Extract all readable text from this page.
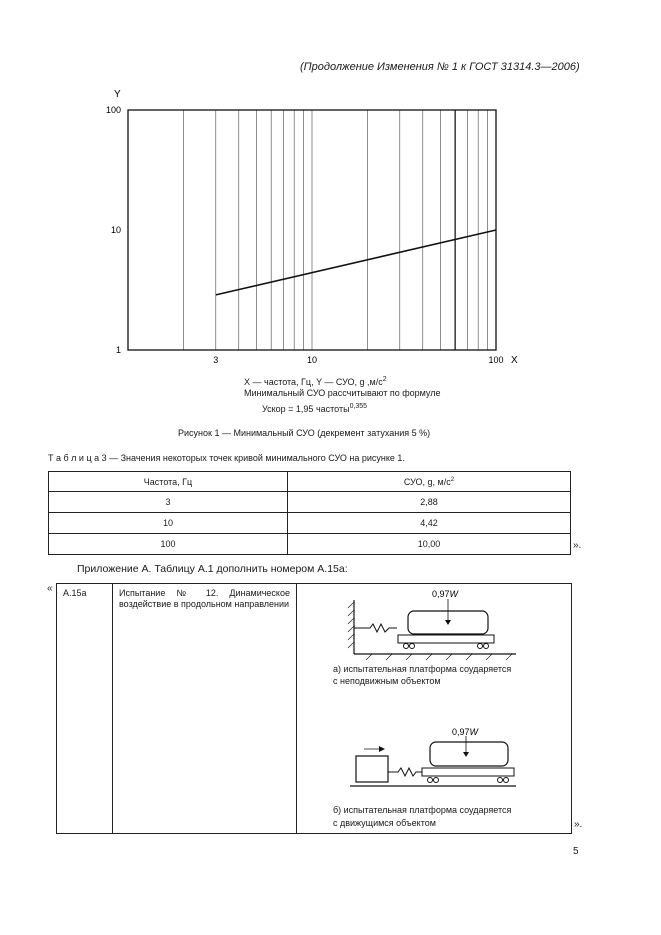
(Продолжение Изменения № 1 к ГОСТ 31314.3—2006)
3	10	100
100
10
1
Y
X
X — частота, Гц, Y — СУО, g $,м/с^2$
Минимальный СУО рассчитывают по формуле
Ускор = 1,95 частоты$^{0,355}$
Рисунок 1 — Минимальный СУО (декремент затухания 5 %)
Т а б л и ц а 3 — Значения некоторых точек кривой минимального СУО на рисунке 1.
Частота, Гц	СУО, g, $м/с^2$
3	2,88
10	4,42
100	10,00	».
Приложение А. Таблицу А.1 дополнить номером А.15а:
« А.15а	Испытание № 12. Динамическое воздействие в продольном направлении	
».
0,97W
а) испытательная платформа соударяется
с неподвижным объектом
0,97W
б) испытательная платформа соударяется
с движущимся объектом
5
